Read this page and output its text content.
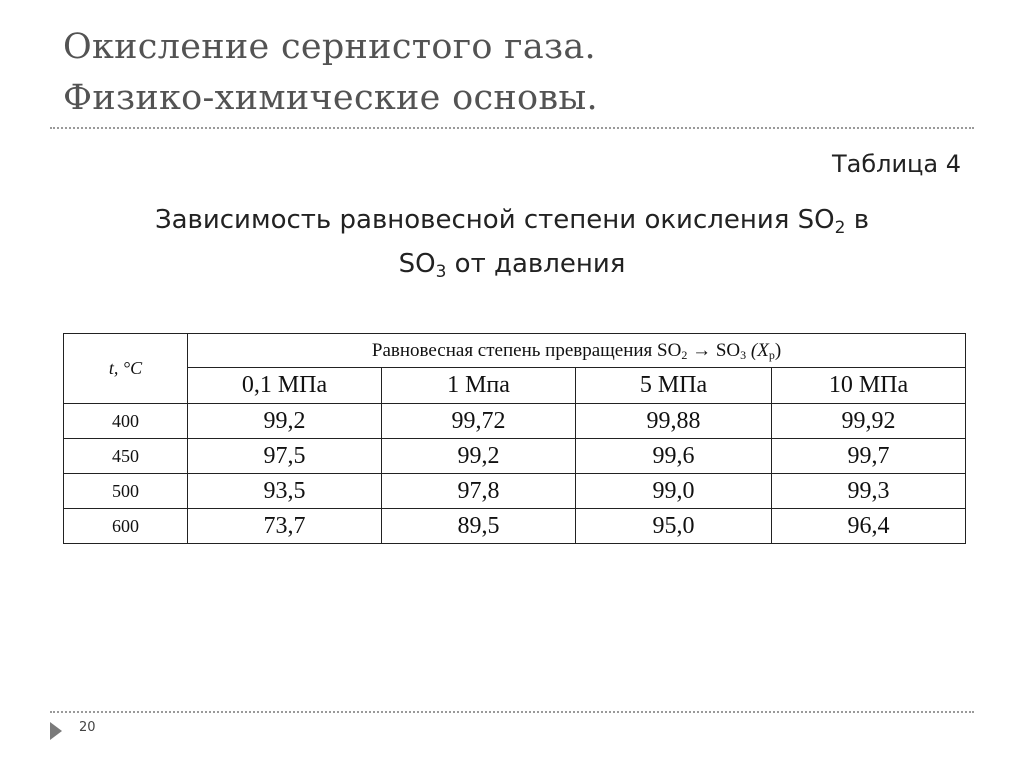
Окисление сернистого газа.
Физико-химические основы.
Таблица 4
Зависимость равновесной степени окисления $SO_2$ в
$SO_3$ от давления
t, °C	Равновесная степень превращения $SO_2 \to SO_3$ $(X_р)$			
	0,1 МПа	1 Мпа	5 МПа	10 МПа
400	99,2	99,72	99,88	99,92
450	97,5	99,2	99,6	99,7
500	93,5	97,8	99,0	99,3
600	73,7	89,5	95,0	96,4
20
